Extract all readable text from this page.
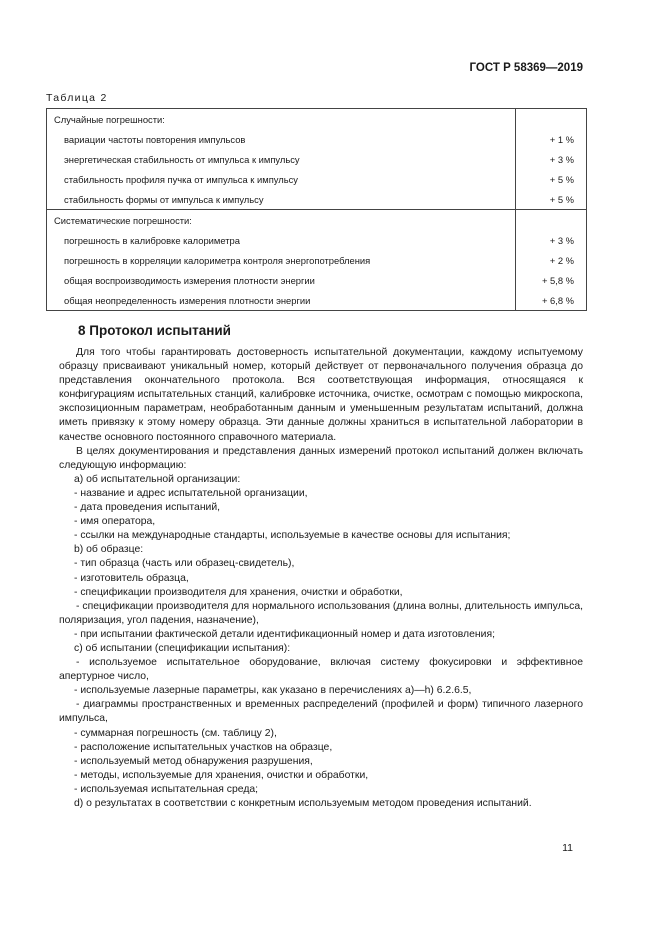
ГОСТ Р 58369—2019
Таблица 2
Случайные погрешности:	
вариации частоты повторения импульсов	+ 1 %
энергетическая стабильность от импульса к импульсу	+ 3 %
стабильность профиля пучка от импульса к импульсу	+ 5 %
стабильность формы от импульса к импульсу	+ 5 %
Систематические погрешности:	
погрешность в калибровке калориметра	+ 3 %
погрешность в корреляции калориметра контроля энергопотребления	+ 2 %
общая воспроизводимость измерения плотности энергии	+ 5,8 %
общая неопределенность измерения плотности энергии	+ 6,8 %
8 Протокол испытаний

Для того чтобы гарантировать достоверность испытательной документации, каждому испытуемому образцу присваивают уникальный номер, который действует от первоначального получения образца до представления окончательного протокола. Вся соответствующая информация, относящаяся к конфигурациям испытательных станций, калибровке источника, очистке, осмотрам с помощью микроскопа, экспозиционным параметрам, необработанным данным и уменьшенным результатам испытаний, должна иметь привязку к этому номеру образца. Эти данные должны храниться в испытательной лаборатории в качестве основного постоянного справочного материала.

В целях документирования и представления данных измерений протокол испытаний должен включать следующую информацию:

а) об испытательной организации:

- название и адрес испытательной организации,

- дата проведения испытаний,

- имя оператора,

- ссылки на международные стандарты, используемые в качестве основы для испытания;

b) об образце:

- тип образца (часть или образец-свидетель),

- изготовитель образца,

- спецификации производителя для хранения, очистки и обработки,

- спецификации производителя для нормального использования (длина волны, длительность импульса, поляризация, угол падения, назначение),

- при испытании фактической детали идентификационный номер и дата изготовления;

с) об испытании (спецификации испытания):

- используемое испытательное оборудование, включая систему фокусировки и эффективное апертурное число,

- используемые лазерные параметры, как указано в перечислениях а)—h) 6.2.6.5,

- диаграммы пространственных и временных распределений (профилей и форм) типичного лазерного импульса,

- суммарная погрешность (см. таблицу 2),

- расположение испытательных участков на образце,

- используемый метод обнаружения разрушения,

- методы, используемые для хранения, очистки и обработки,

- используемая испытательная среда;

d) о результатах в соответствии с конкретным используемым методом проведения испытаний.

11
